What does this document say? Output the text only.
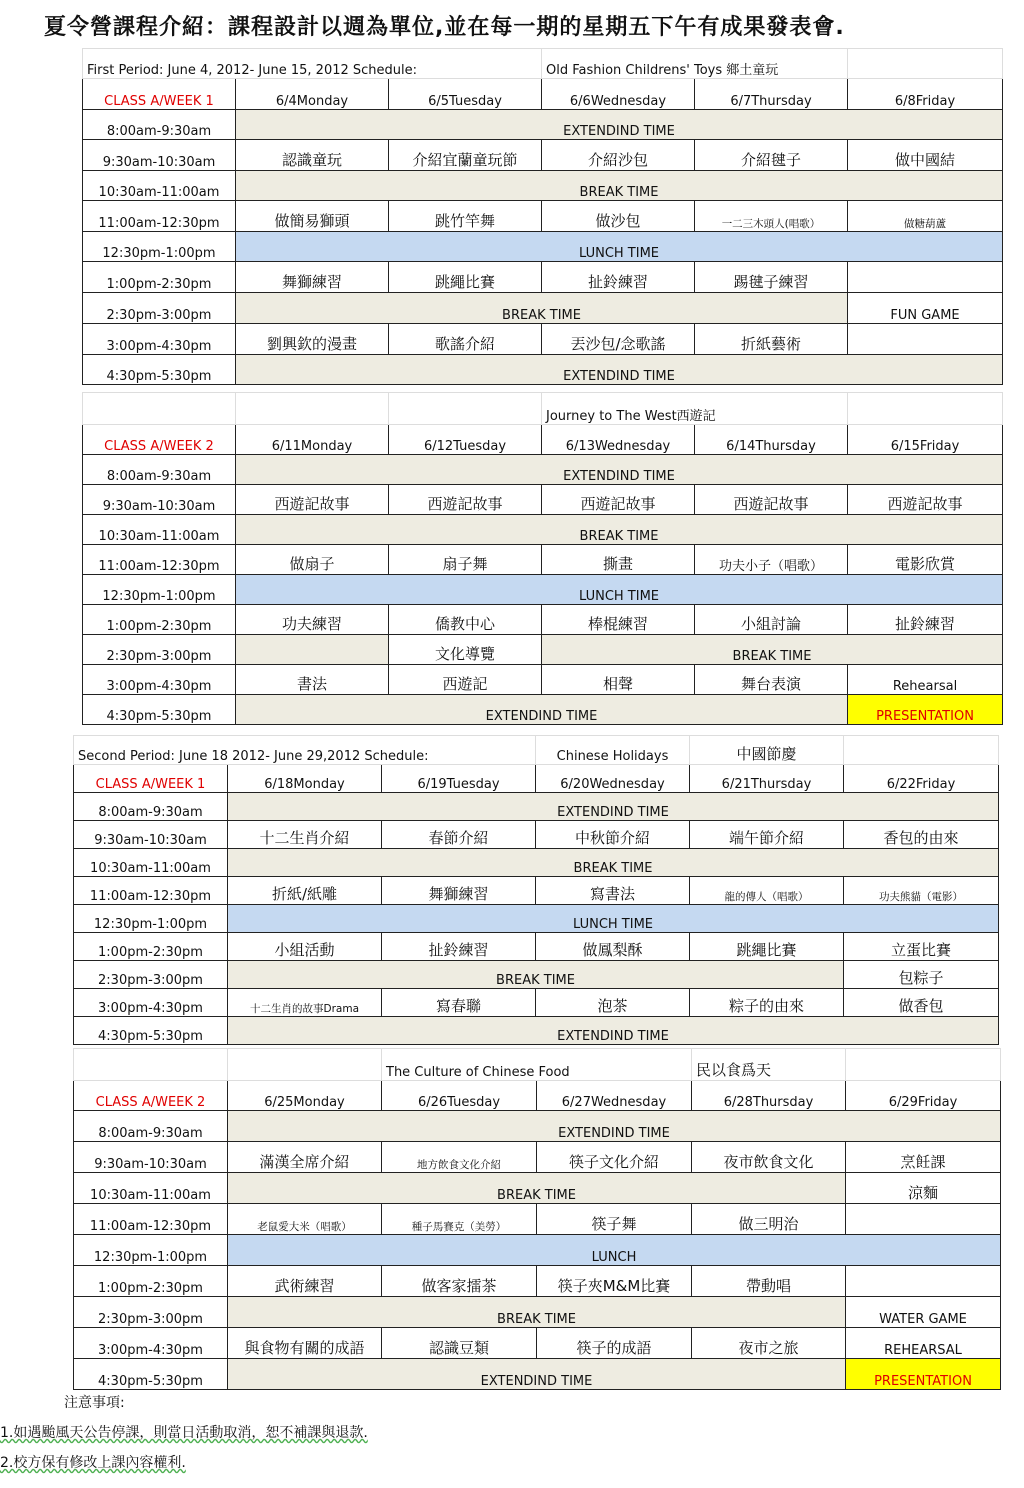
夏令營課程介紹：課程設計以週為單位,並在每一期的星期五下午有成果發表會.
First Period: June 4, 2012- June 15, 2012 Schedule:			Old Fashion Childrens' Toys 鄉土童玩		
CLASS A/WEEK 1	6/4Monday	6/5Tuesday	6/6Wednesday	6/7Thursday	6/8Friday
8:00am-9:30am	EXTENDIND TIME				
9:30am-10:30am	認識童玩	介紹宜蘭童玩節	介紹沙包	介紹毽子	做中國結
10:30am-11:00am	BREAK TIME				
11:00am-12:30pm	做簡易獅頭	跳竹竿舞	做沙包	一二三木頭人(唱歌）	做糖葫蘆
12:30pm-1:00pm	LUNCH TIME				
1:00pm-2:30pm	舞獅練習	跳繩比賽	扯鈴練習	踢毽子練習	
2:30pm-3:00pm	BREAK TIME				FUN GAME
3:00pm-4:30pm	劉興欽的漫畫	歌謠介紹	丟沙包/念歌謠	折紙藝術	
4:30pm-5:30pm	EXTENDIND TIME				
			Journey to The West西遊記		
CLASS A/WEEK 2	6/11Monday	6/12Tuesday	6/13Wednesday	6/14Thursday	6/15Friday
8:00am-9:30am	EXTENDIND TIME				
9:30am-10:30am	西遊記故事	西遊記故事	西遊記故事	西遊記故事	西遊記故事
10:30am-11:00am	BREAK TIME				
11:00am-12:30pm	做扇子	扇子舞	撕畫	功夫小子（唱歌）	電影欣賞
12:30pm-1:00pm	LUNCH TIME				
1:00pm-2:30pm	功夫練習	僑教中心	棒棍練習	小組討論	扯鈴練習
2:30pm-3:00pm		文化導覽	BREAK TIME		
3:00pm-4:30pm	書法	西遊記	相聲	舞台表演	Rehearsal
4:30pm-5:30pm	EXTENDIND TIME				PRESENTATION
Second Period: June 18 2012- June 29,2012 Schedule:			Chinese Holidays	中國節慶	
CLASS A/WEEK 1	6/18Monday	6/19Tuesday	6/20Wednesday	6/21Thursday	6/22Friday
8:00am-9:30am	EXTENDIND TIME				
9:30am-10:30am	十二生肖介紹	春節介紹	中秋節介紹	端午節介紹	香包的由來
10:30am-11:00am	BREAK TIME				
11:00am-12:30pm	折紙/紙雕	舞獅練習	寫書法	龍的傳人（唱歌）	功夫熊貓（電影）
12:30pm-1:00pm	LUNCH TIME				
1:00pm-2:30pm	小組活動	扯鈴練習	做鳳梨酥	跳繩比賽	立蛋比賽
2:30pm-3:00pm	BREAK TIME				包粽子
3:00pm-4:30pm	十二生肖的故事Drama	寫春聯	泡茶	粽子的由來	做香包
4:30pm-5:30pm	EXTENDIND TIME				
		The Culture of Chinese Food		民以食爲天	
CLASS A/WEEK 2	6/25Monday	6/26Tuesday	6/27Wednesday	6/28Thursday	6/29Friday
8:00am-9:30am	EXTENDIND TIME				
9:30am-10:30am	滿漢全席介紹	地方飲食文化介紹	筷子文化介紹	夜市飲食文化	烹飪課
10:30am-11:00am	BREAK TIME				涼麵
11:00am-12:30pm	老鼠愛大米（唱歌）	種子馬賽克（美勞）	筷子舞	做三明治	
12:30pm-1:00pm	LUNCH				
1:00pm-2:30pm	武術練習	做客家擂茶	筷子夾M&M比賽	帶動唱	
2:30pm-3:00pm	BREAK TIME				WATER GAME
3:00pm-4:30pm	與食物有關的成語	認識豆類	筷子的成語	夜市之旅	REHEARSAL
4:30pm-5:30pm	EXTENDIND TIME				PRESENTATION
注意事項:
1.如遇颱風天公告停課，則當日活動取消，恕不補課與退款.
2.校方保有修改上課內容權利.
